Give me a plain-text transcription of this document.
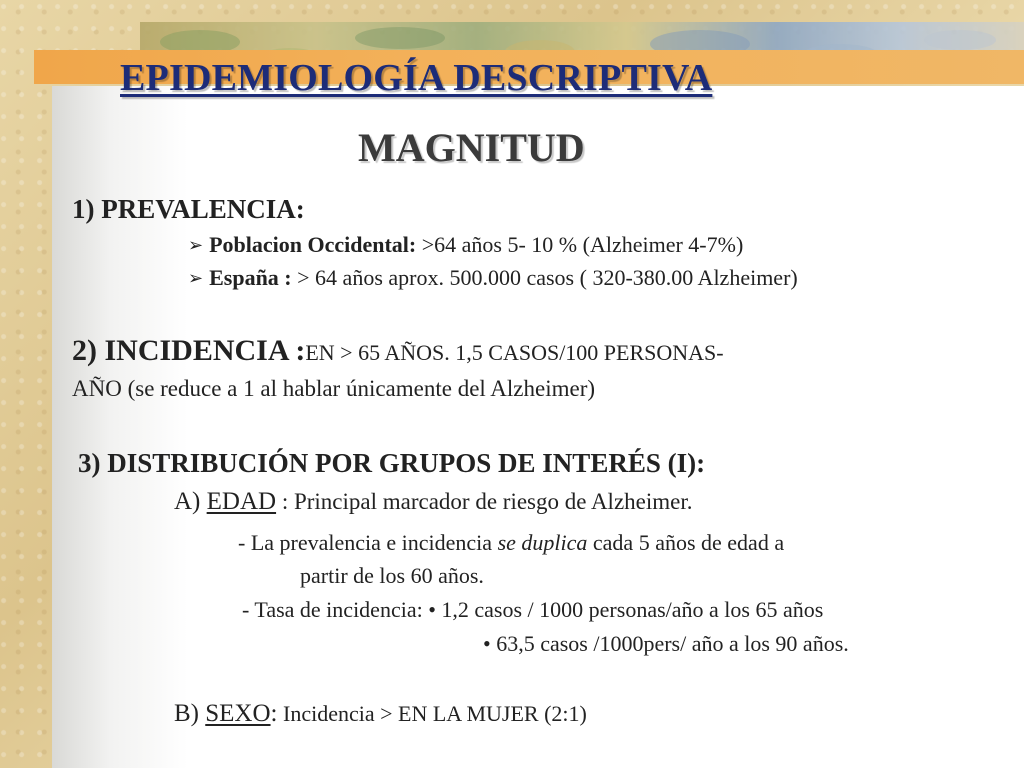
EPIDEMIOLOGÍA DESCRIPTIVA
MAGNITUD

1) PREVALENCIA:

➢ Poblacion Occidental: >64 años 5- 10 % (Alzheimer 4-7%)

➢ España : > 64 años aprox. 500.000 casos ( 320-380.00 Alzheimer)

2) INCIDENCIA :EN > 65 AÑOS. 1,5 CASOS/100 PERSONAS-

AÑO (se reduce a 1 al hablar únicamente del Alzheimer)

3) DISTRIBUCIÓN POR GRUPOS DE INTERÉS (I):

A) EDAD : Principal marcador de riesgo de Alzheimer.

- La prevalencia e incidencia se duplica cada 5 años de edad a

partir de los 60 años.

- Tasa de incidencia: • 1,2 casos / 1000 personas/año a los 65 años

• 63,5 casos /1000pers/ año a los 90 años.

B) SEXO: Incidencia > EN LA MUJER (2:1)
